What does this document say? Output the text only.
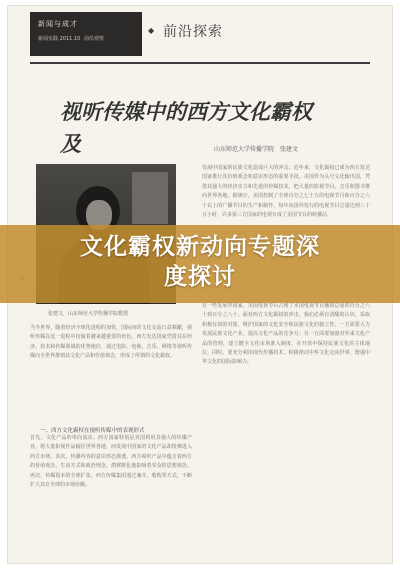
新闻与成才
新闻实践 2011.10 前沿观察
◆ 前沿探索
视听传媒中的西方文化霸权及	山东师范大学传播学院　张建文
张建文，山东师范大学传播学院教授
发展中国家的民族文化造成巨大的冲击。近年来，文化霸权已成为西方发达国家推行其价值观念和意识形态的重要手段。美国作为头号文化输出国，凭借其强大的经济实力和先进的传媒技术，把大量的影视节目、音乐和图书推向世界各地。据统计，美国控制了全球百分之七十五的电视节目和百分之六十以上的广播节目的生产和制作，每年向国外发行的电视节目总量达到三十万小时，许多第三方国家的电视台成了美国节目的转播站。
在一些发展中国家，美国电视节目占到了本国电视节目播放总量的百分之六十到百分之八十。面对西方文化霸权的冲击，我们必须有清醒的认识，采取积极有效的对策，维护国家的文化安全和民族文化的独立性。一方面要大力发展民族文化产业，提高文化产品的竞争力；另一方面要加强对外来文化产品的管理，建立健全文化市场准入制度，在开放中保持民族文化的主体地位。同时，要充分利用现代传播技术，积极推动中华文化走向世界，增强中华文化的国际影响力。
当今世界，随着经济全球化进程的加快，国际间的文化交流日益频繁，视听传媒在这一进程中扮演着越来越重要的角色。西方发达国家凭借其在经济、技术和传媒领域的优势地位，通过电影、电视、音乐、网络等视听传媒向全世界推销其文化产品和价值观念，形成了所谓的文化霸权。
一、西方文化霸权在视听传媒中的表现形式
首先，文化产品的单向流动。西方国家特别是美国利用其强大的传媒产业，将大量影视作品输往世界各地，而发展中国家的文化产品却很难进入西方市场。其次，传播内容的意识形态渗透。西方视听产品中蕴含着西方的价值观念、生活方式和政治理念，潜移默化地影响着受众的思想观念。再次，传媒资本的全球扩张。西方传媒集团通过兼并、收购等方式，不断扩大其在全球的市场份额。
文化霸权新动向专题深
度探讨
